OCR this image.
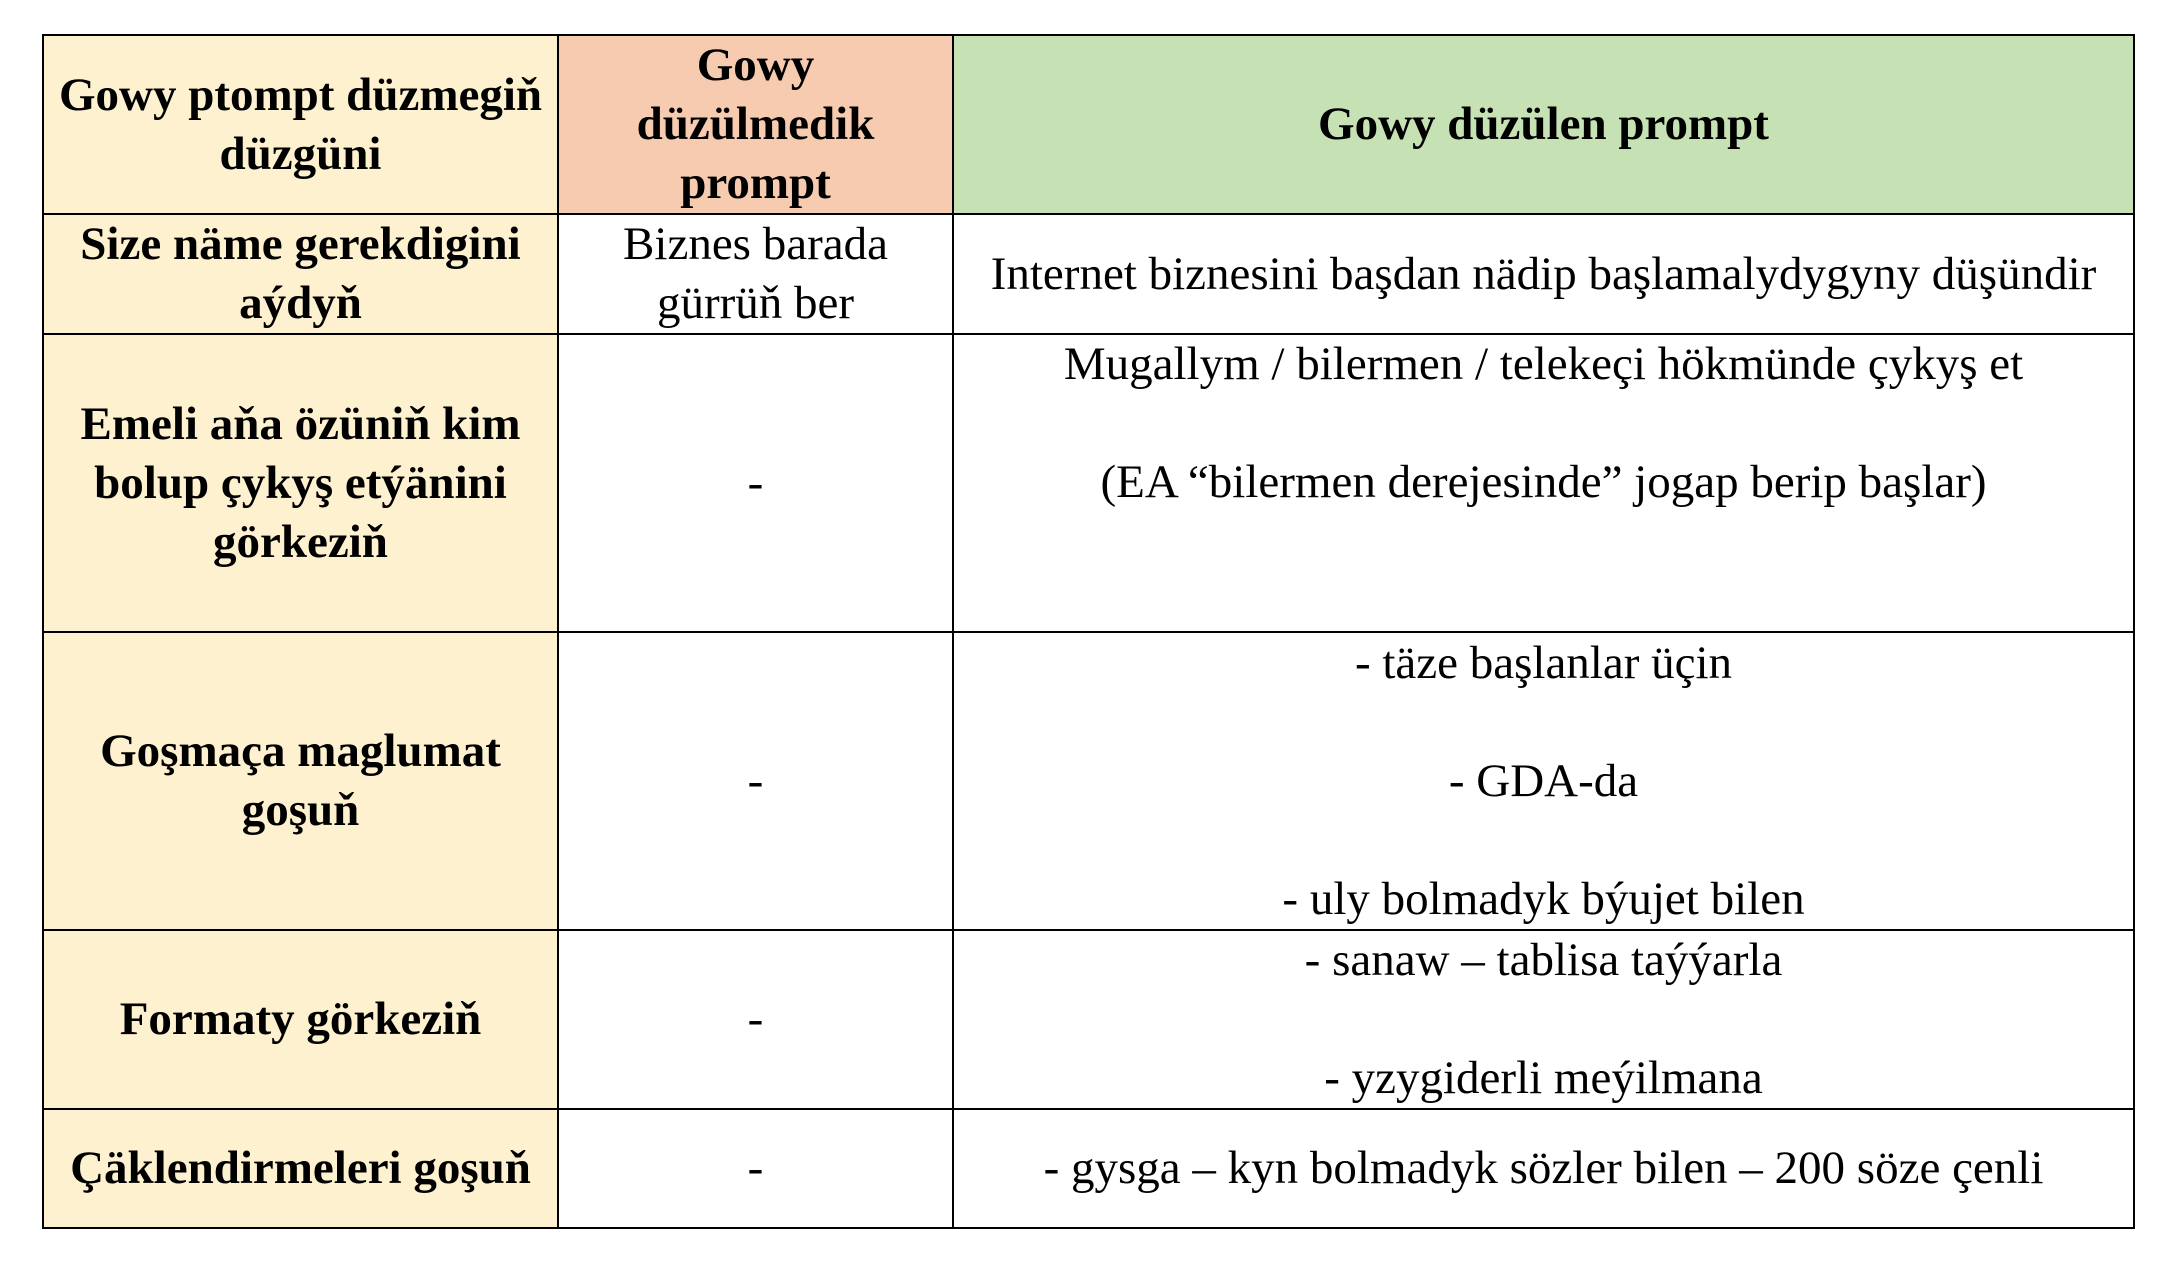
Gowy ptompt düzmegiň düzgüni	Gowy düzülmedik prompt	Gowy düzülen prompt
Size näme gerekdigini aýdyň	Biznes barada gürrüň ber	Internet biznesini başdan nädip başlamalydygyny düşündir

Emeli aňa özüniň kim bolup çykyş etýänini görkeziň	-	Mugallym / bilermen / telekeçi hökmünde çykyş et
(EA “bilermen derejesinde” jogap berip başlar)

Goşmaça maglumat goşuň	-	- täze başlanlar üçin
- GDA-da
- uly bolmadyk býujet bilen

Formaty görkeziň	-	- sanaw – tablisa taýýarla
- yzygiderli meýilmana

Çäklendirmeleri goşuň	-	- gysga – kyn bolmadyk sözler bilen – 200 söze çenli
